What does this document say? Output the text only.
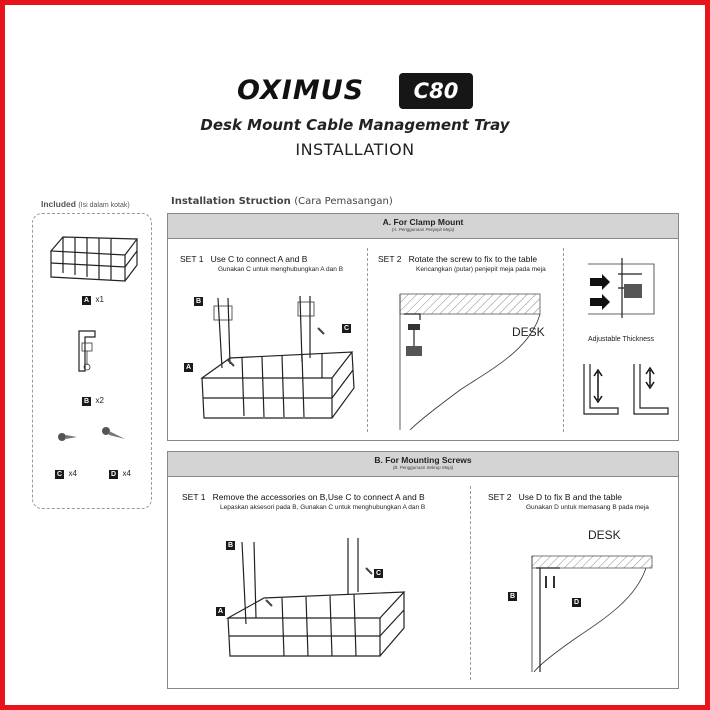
OXIMUS	C80
Desk Mount Cable Management Tray
INSTALLATION
Included (Isi dalam kotak)
A x1
B x2
C x4	D x4
Installation Struction (Cara Pemasangan)
A. For Clamp Mount
(A. Penggunaan Penjepit Meja)
SET 1 Use C to connect A and B
Gunakan C untuk menghubungkan A dan B
B
C
A
SET 2 Rotate the screw to fix to the table
Kencangkan (putar) penjepit meja pada meja
DESK
Adjustable Thickness
B. For Mounting Screws
(B. Penggunaan Sekrup Meja)
SET 1 Remove the accessories on B,Use C to connect A and B
Lepaskan aksesori pada B, Gunakan C untuk menghubungkan A dan B
B
C
A
SET 2 Use D to fix B and the table
Gunakan D untuk memasang B pada meja
DESK
B
D
